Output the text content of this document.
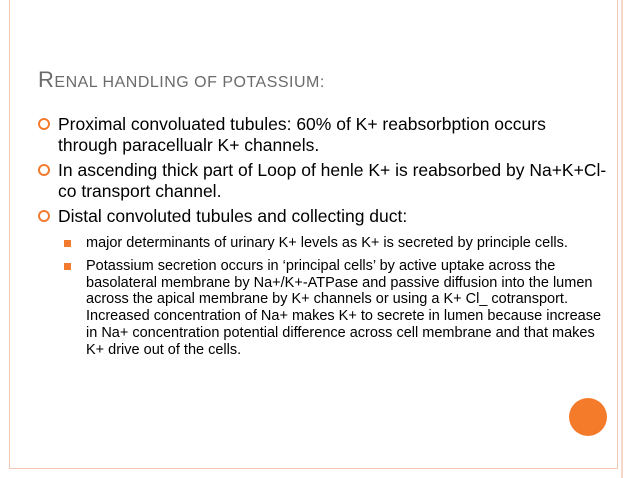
RENAL HANDLING OF POTASSIUM:
Proximal convoluated tubules: 60% of K+ reabsorbption occurs through paracellualr K+ channels.
In ascending thick part of Loop of henle K+ is reabsorbed by Na+K+Cl- co transport channel.
Distal convoluted tubules and collecting duct:
major determinants of urinary K+ levels as K+ is secreted by principle cells.
Potassium secretion occurs in ‘principal cells’ by active uptake across the basolateral membrane by Na+/K+-ATPase and passive diffusion into the lumen across the apical membrane by K+ channels or using a K+ Cl_ cotransport. Increased concentration of Na+ makes K+ to secrete in lumen because increase in Na+ concentration potential difference across cell membrane and that makes K+ drive out of the cells.
